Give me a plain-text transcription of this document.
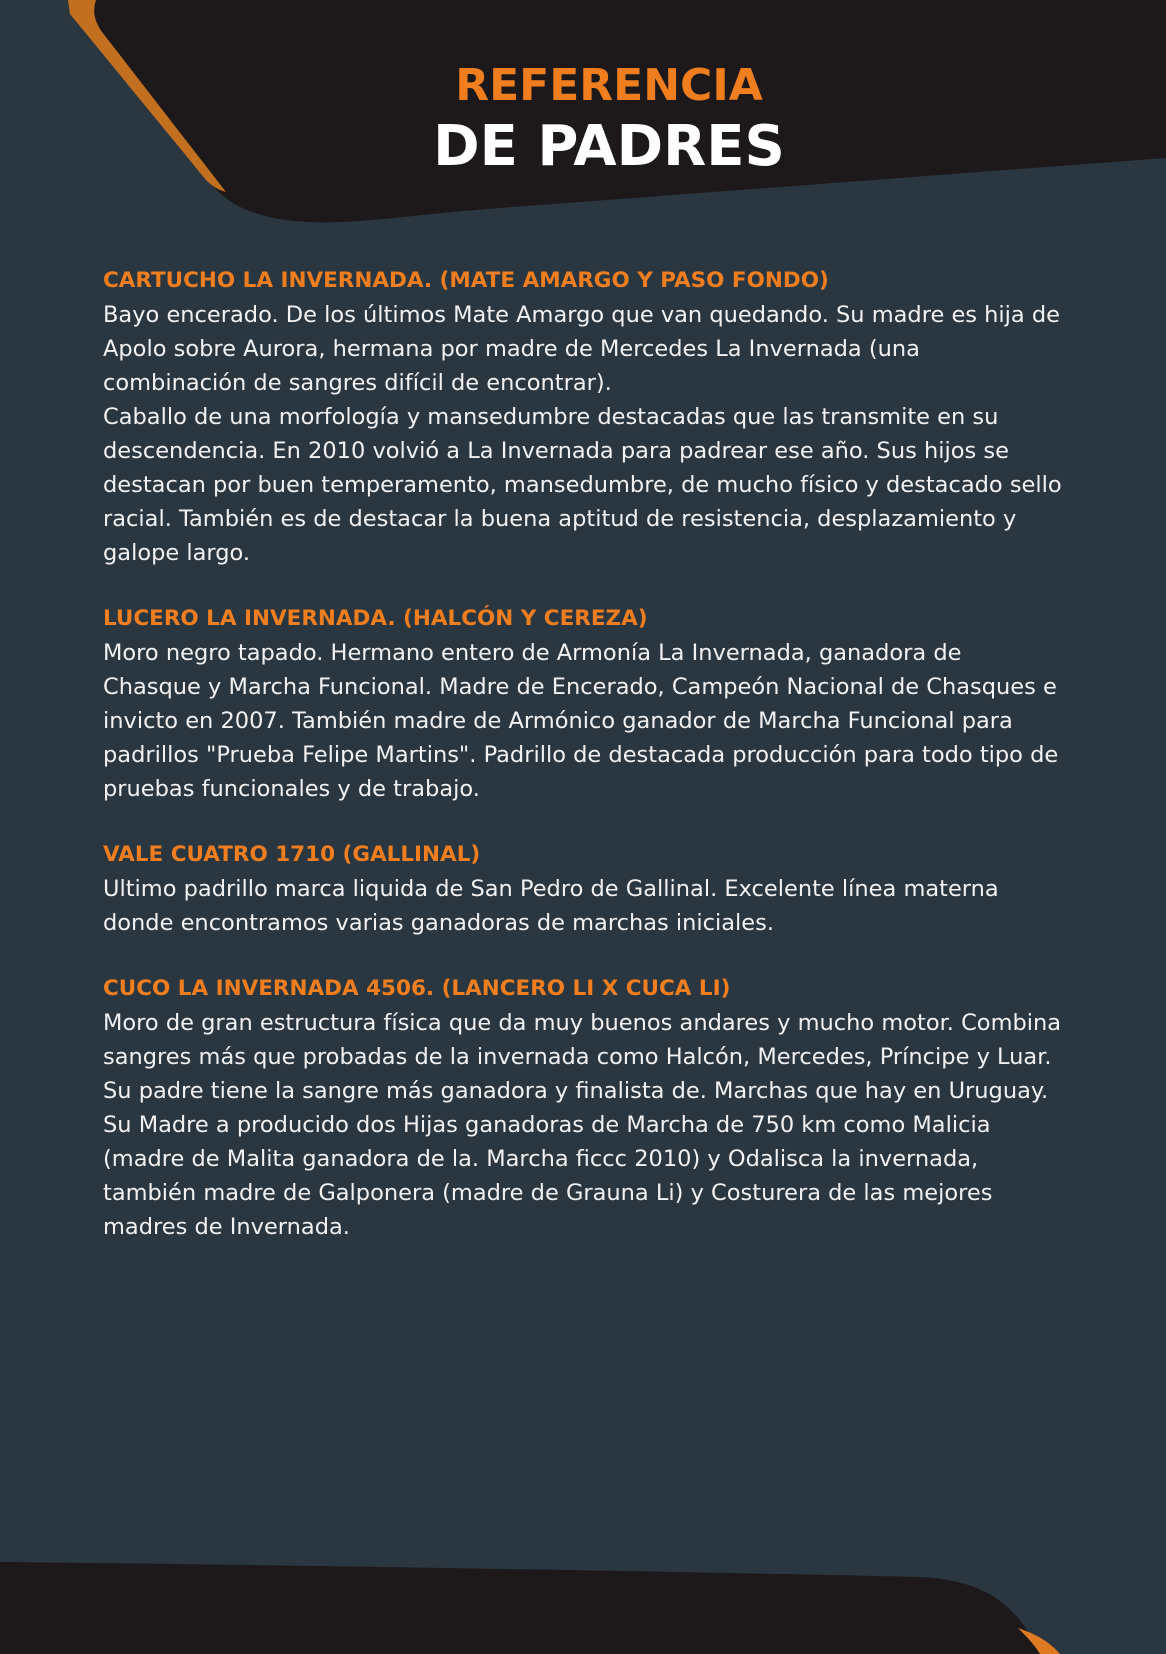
REFERENCIA
DE PADRES

CARTUCHO LA INVERNADA. (MATE AMARGO Y PASO FONDO)

Bayo encerado. De los últimos Mate Amargo que van quedando. Su madre es hija de Apolo sobre Aurora, hermana por madre de Mercedes La Invernada (una combinación de sangres difícil de encontrar).

Caballo de una morfología y mansedumbre destacadas que las transmite en su descendencia. En 2010 volvió a La Invernada para padrear ese año. Sus hijos se destacan por buen temperamento, mansedumbre, de mucho físico y destacado sello racial. También es de destacar la buena aptitud de resistencia, desplazamiento y galope largo.

LUCERO LA INVERNADA. (HALCÓN Y CEREZA)

Moro negro tapado. Hermano entero de Armonía La Invernada, ganadora de Chasque y Marcha Funcional. Madre de Encerado, Campeón Nacional de Chasques e invicto en 2007. También madre de Armónico ganador de Marcha Funcional para padrillos "Prueba Felipe Martins". Padrillo de destacada producción para todo tipo de pruebas funcionales y de trabajo.

VALE CUATRO 1710 (GALLINAL)

Ultimo padrillo marca liquida de San Pedro de Gallinal. Excelente línea materna donde encontramos varias ganadoras de marchas iniciales.

CUCO LA INVERNADA 4506. (LANCERO LI X CUCA LI)

Moro de gran estructura física que da muy buenos andares y mucho motor. Combina sangres más que probadas de la invernada como Halcón, Mercedes, Príncipe y Luar. Su padre tiene la sangre más ganadora y finalista de. Marchas que hay en Uruguay. Su Madre a producido dos Hijas ganadoras de Marcha de 750 km como Malicia (madre de Malita ganadora de la. Marcha ficcc 2010) y Odalisca la invernada, también madre de Galponera (madre de Grauna Li) y Costurera de las mejores madres de Invernada.
